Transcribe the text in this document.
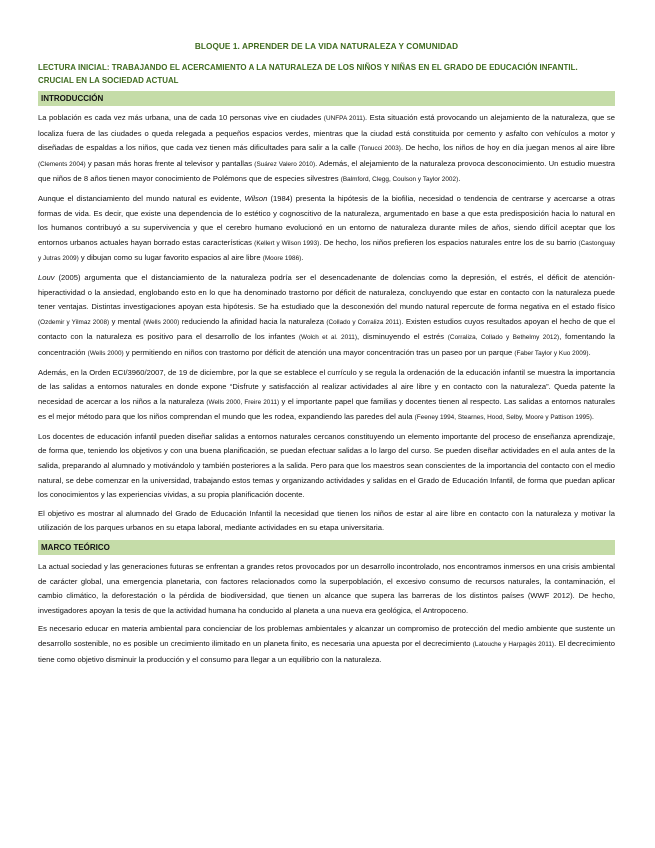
BLOQUE 1. APRENDER DE LA VIDA NATURALEZA Y COMUNIDAD
LECTURA INICIAL: TRABAJANDO EL ACERCAMIENTO A LA NATURALEZA DE LOS NIÑOS Y NIÑAS EN EL GRADO DE EDUCACIÓN INFANTIL. CRUCIAL EN LA SOCIEDAD ACTUAL
INTRODUCCIÓN

La población es cada vez más urbana, una de cada 10 personas vive en ciudades (UNFPA 2011). Esta situación está provocando un alejamiento de la naturaleza, que se localiza fuera de las ciudades o queda relegada a pequeños espacios verdes, mientras que la ciudad está constituida por cemento y asfalto con vehículos a motor y diseñadas de espaldas a los niños, que cada vez tienen más dificultades para salir a la calle (Tonucci 2003). De hecho, los niños de hoy en día juegan menos al aire libre (Clements 2004) y pasan más horas frente al televisor y pantallas (Suárez Valero 2010). Además, el alejamiento de la naturaleza provoca desconocimiento. Un estudio muestra que niños de 8 años tienen mayor conocimiento de Polémons que de especies silvestres (Balmford, Clegg, Coulson y Taylor 2002).

Aunque el distanciamiento del mundo natural es evidente, Wilson (1984) presenta la hipótesis de la biofilia, necesidad o tendencia de centrarse y acercarse a otras formas de vida. Es decir, que existe una dependencia de lo estético y cognoscitivo de la naturaleza, argumentado en base a que esta predisposición hacia lo natural en los humanos contribuyó a su supervivencia y que el cerebro humano evolucionó en un entorno de naturaleza durante miles de años, siendo difícil aceptar que los entornos urbanos actuales hayan borrado estas características (Kellert y Wilson 1993). De hecho, los niños prefieren los espacios naturales entre los de su barrio (Castonguay y Jutras 2009) y dibujan como su lugar favorito espacios al aire libre (Moore 1986).

Louv (2005) argumenta que el distanciamiento de la naturaleza podría ser el desencadenante de dolencias como la depresión, el estrés, el déficit de atención-hiperactividad o la ansiedad, englobando esto en lo que ha denominado trastorno por déficit de naturaleza, concluyendo que estar en contacto con la naturaleza puede tener ventajas. Distintas investigaciones apoyan esta hipótesis. Se ha estudiado que la desconexión del mundo natural repercute de forma negativa en el estado físico (Ozdemir y Yilmaz 2008) y mental (Wells 2000) reduciendo la afinidad hacia la naturaleza (Collado y Corraliza 2011). Existen estudios cuyos resultados apoyan el hecho de que el contacto con la naturaleza es positivo para el desarrollo de los infantes (Wolch et al. 2011), disminuyendo el estrés (Corraliza, Collado y Bethelmy 2012), fomentando la concentración (Wells 2000) y permitiendo en niños con trastorno por déficit de atención una mayor concentración tras un paseo por un parque (Faber Taylor y Kuo 2009).

Además, en la Orden ECI/3960/2007, de 19 de diciembre, por la que se establece el currículo y se regula la ordenación de la educación infantil se muestra la importancia de las salidas a entornos naturales en donde expone “Disfrute y satisfacción al realizar actividades al aire libre y en contacto con la naturaleza”. Queda patente la necesidad de acercar a los niños a la naturaleza (Wells 2000, Freire 2011) y el importante papel que familias y docentes tienen al respecto. Las salidas a entornos naturales es el mejor método para que los niños comprendan el mundo que les rodea, expandiendo las paredes del aula (Feeney 1994, Stearnes, Hood, Selby, Moore y Pattison 1995).

Los docentes de educación infantil pueden diseñar salidas a entornos naturales cercanos constituyendo un elemento importante del proceso de enseñanza aprendizaje, de forma que, teniendo los objetivos y con una buena planificación, se puedan efectuar salidas a lo largo del curso. Se pueden diseñar actividades en el aula antes de la salida, preparando al alumnado y motivándolo y también posteriores a la salida. Pero para que los maestros sean conscientes de la importancia del contacto con el medio natural, se debe comenzar en la universidad, trabajando estos temas y organizando actividades y salidas en el Grado de Educación Infantil, de forma que puedan aplicar los conocimientos y las experiencias vividas, a su propia planificación docente.

El objetivo es mostrar al alumnado del Grado de Educación Infantil la necesidad que tienen los niños de estar al aire libre en contacto con la naturaleza y motivar la utilización de los parques urbanos en su etapa laboral, mediante actividades en su etapa universitaria.

MARCO TEÓRICO

La actual sociedad y las generaciones futuras se enfrentan a grandes retos provocados por un desarrollo incontrolado, nos encontramos inmersos en una crisis ambiental de carácter global, una emergencia planetaria, con factores relacionados como la superpoblación, el excesivo consumo de recursos naturales, la contaminación, el cambio climático, la deforestación o la pérdida de biodiversidad, que tienen un alcance que supera las barreras de los distintos países (WWF 2012). De hecho, investigadores apoyan la tesis de que la actividad humana ha conducido al planeta a una nueva era geológica, el Antropoceno.

Es necesario educar en materia ambiental para concienciar de los problemas ambientales y alcanzar un compromiso de protección del medio ambiente que sustente un desarrollo sostenible, no es posible un crecimiento ilimitado en un planeta finito, es necesaria una apuesta por el decrecimiento (Latouche y Harpagès 2011). El decrecimiento tiene como objetivo disminuir la producción y el consumo para llegar a un equilibrio con la naturaleza.
